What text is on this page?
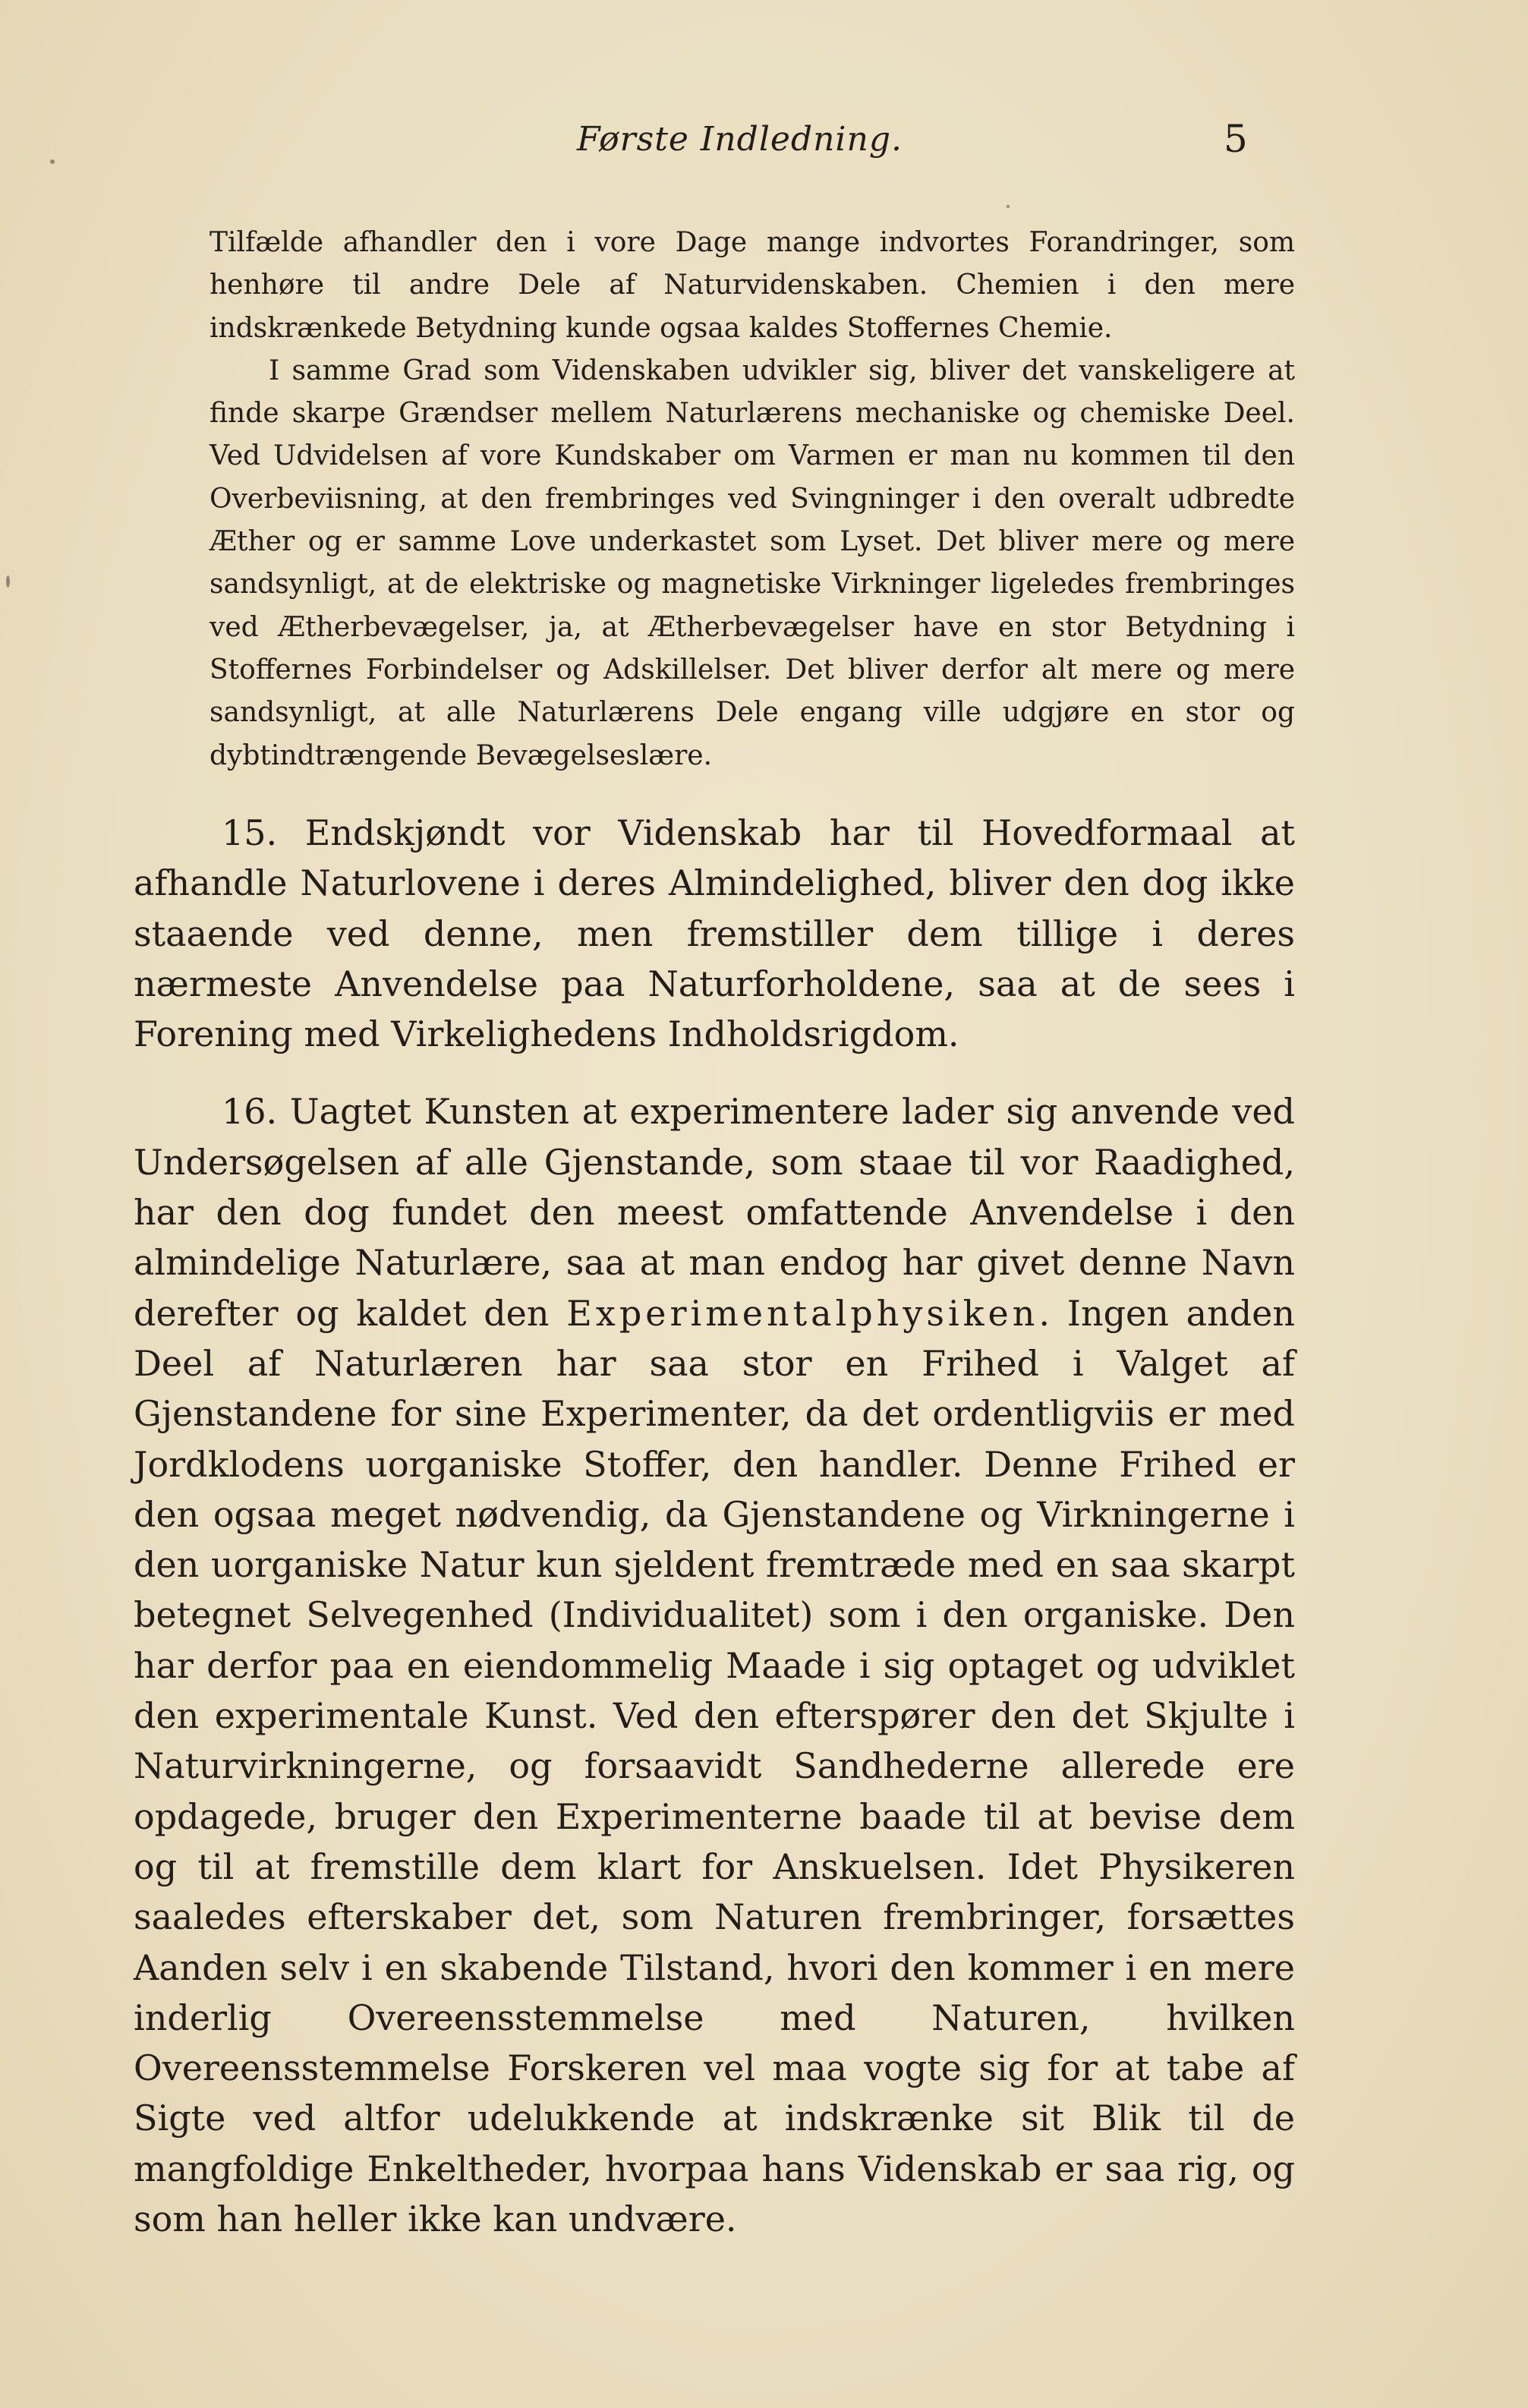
Første Indledning.	5

Tilfælde afhandler den i vore Dage mange indvortes Forandringer, som henhøre til andre Dele af Naturvidenskaben. Chemien i den mere indskrænkede Betydning kunde ogsaa kaldes Stoffernes Chemie.

I samme Grad som Videnskaben udvikler sig, bliver det vanskeligere at finde skarpe Grændser mellem Naturlærens mechaniske og chemiske Deel. Ved Udvidelsen af vore Kundskaber om Varmen er man nu kommen til den Overbeviisning, at den frembringes ved Svingninger i den overalt udbredte Æther og er samme Love underkastet som Lyset. Det bliver mere og mere sandsynligt, at de elektriske og magnetiske Virkninger ligeledes frembringes ved Ætherbevægelser, ja, at Ætherbevægelser have en stor Betydning i Stoffernes Forbindelser og Adskillelser. Det bliver derfor alt mere og mere sandsynligt, at alle Naturlærens Dele engang ville udgjøre en stor og dybtindtrængende Bevægelseslære.

15. Endskjøndt vor Videnskab har til Hovedformaal at afhandle Naturlovene i deres Almindelighed, bliver den dog ikke staaende ved denne, men fremstiller dem tillige i deres nærmeste Anvendelse paa Naturforholdene, saa at de sees i Forening med Virkelighedens Indholdsrigdom.

16. Uagtet Kunsten at experimentere lader sig anvende ved Undersøgelsen af alle Gjenstande, som staae til vor Raadighed, har den dog fundet den meest omfattende Anvendelse i den almindelige Naturlære, saa at man endog har givet denne Navn derefter og kaldet den Experimentalphysiken. Ingen anden Deel af Naturlæren har saa stor en Frihed i Valget af Gjenstandene for sine Experimenter, da det ordentligviis er med Jordklodens uorganiske Stoffer, den handler. Denne Frihed er den ogsaa meget nødvendig, da Gjenstandene og Virkningerne i den uorganiske Natur kun sjeldent fremtræde med en saa skarpt betegnet Selvegenhed (Individualitet) som i den organiske. Den har derfor paa en eiendommelig Maade i sig optaget og udviklet den experimentale Kunst. Ved den efterspører den det Skjulte i Naturvirkningerne, og forsaavidt Sandhederne allerede ere opdagede, bruger den Experimenterne baade til at bevise dem og til at fremstille dem klart for Anskuelsen. Idet Physikeren saaledes efterskaber det, som Naturen frembringer, forsættes Aanden selv i en skabende Tilstand, hvori den kommer i en mere inderlig Overeensstemmelse med Naturen, hvilken Overeensstemmelse Forskeren vel maa vogte sig for at tabe af Sigte ved altfor udelukkende at indskrænke sit Blik til de mangfoldige Enkeltheder, hvorpaa hans Videnskab er saa rig, og som han heller ikke kan undvære.
